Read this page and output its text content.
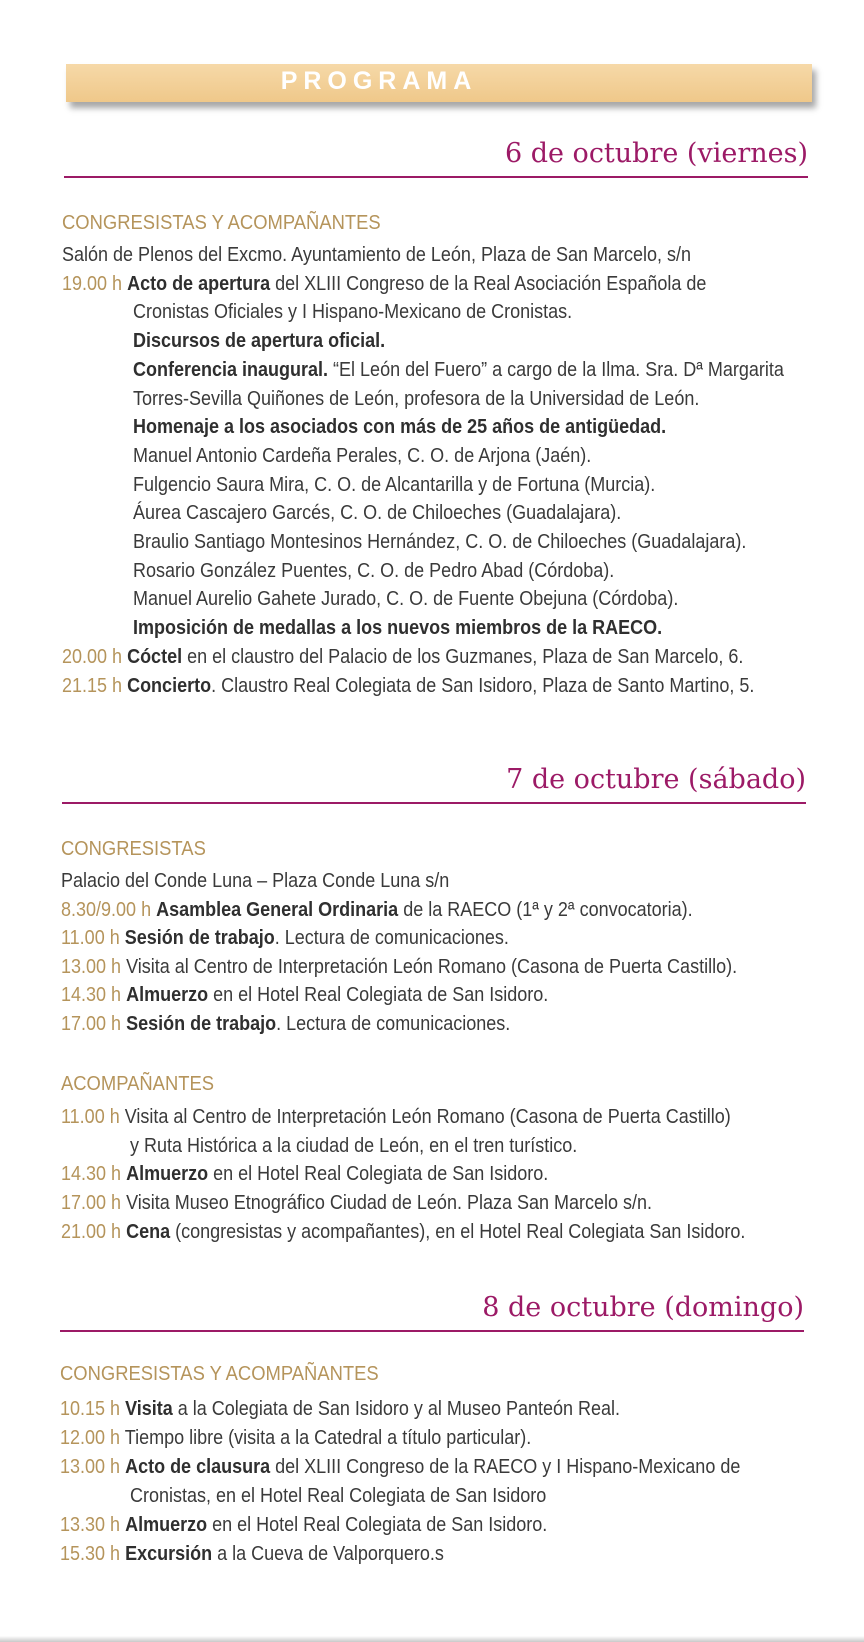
PROGRAMA
6 de octubre (viernes)
CONGRESISTAS Y ACOMPAÑANTES
Salón de Plenos del Excmo. Ayuntamiento de León, Plaza de San Marcelo, s/n
19.00 h Acto de apertura del XLIII Congreso de la Real Asociación Española de
Cronistas Oficiales y I Hispano-Mexicano de Cronistas.
Discursos de apertura oficial.
Conferencia inaugural. “El León del Fuero” a cargo de la Ilma. Sra. Dª Margarita
Torres-Sevilla Quiñones de León, profesora de la Universidad de León.
Homenaje a los asociados con más de 25 años de antigüedad.
Manuel Antonio Cardeña Perales, C. O. de Arjona (Jaén).
Fulgencio Saura Mira, C. O. de Alcantarilla y de Fortuna (Murcia).
Áurea Cascajero Garcés, C. O. de Chiloeches (Guadalajara).
Braulio Santiago Montesinos Hernández, C. O. de Chiloeches (Guadalajara).
Rosario González Puentes, C. O. de Pedro Abad (Córdoba).
Manuel Aurelio Gahete Jurado, C. O. de Fuente Obejuna (Córdoba).
Imposición de medallas a los nuevos miembros de la RAECO.
20.00 h Cóctel en el claustro del Palacio de los Guzmanes, Plaza de San Marcelo, 6.
21.15 h Concierto. Claustro Real Colegiata de San Isidoro, Plaza de Santo Martino, 5.
7 de octubre (sábado)
CONGRESISTAS
Palacio del Conde Luna – Plaza Conde Luna s/n
8.30/9.00 h Asamblea General Ordinaria de la RAECO (1ª y 2ª convocatoria).
11.00 h Sesión de trabajo. Lectura de comunicaciones.
13.00 h Visita al Centro de Interpretación León Romano (Casona de Puerta Castillo).
14.30 h Almuerzo en el Hotel Real Colegiata de San Isidoro.
17.00 h Sesión de trabajo. Lectura de comunicaciones.
ACOMPAÑANTES
11.00 h Visita al Centro de Interpretación León Romano (Casona de Puerta Castillo)
y Ruta Histórica a la ciudad de León, en el tren turístico.
14.30 h Almuerzo en el Hotel Real Colegiata de San Isidoro.
17.00 h Visita Museo Etnográfico Ciudad de León. Plaza San Marcelo s/n.
21.00 h Cena (congresistas y acompañantes), en el Hotel Real Colegiata San Isidoro.
8 de octubre (domingo)
CONGRESISTAS Y ACOMPAÑANTES
10.15 h Visita a la Colegiata de San Isidoro y al Museo Panteón Real.
12.00 h Tiempo libre (visita a la Catedral a título particular).
13.00 h Acto de clausura del XLIII Congreso de la RAECO y I Hispano-Mexicano de
Cronistas, en el Hotel Real Colegiata de San Isidoro
13.30 h Almuerzo en el Hotel Real Colegiata de San Isidoro.
15.30 h Excursión a la Cueva de Valporquero.s
